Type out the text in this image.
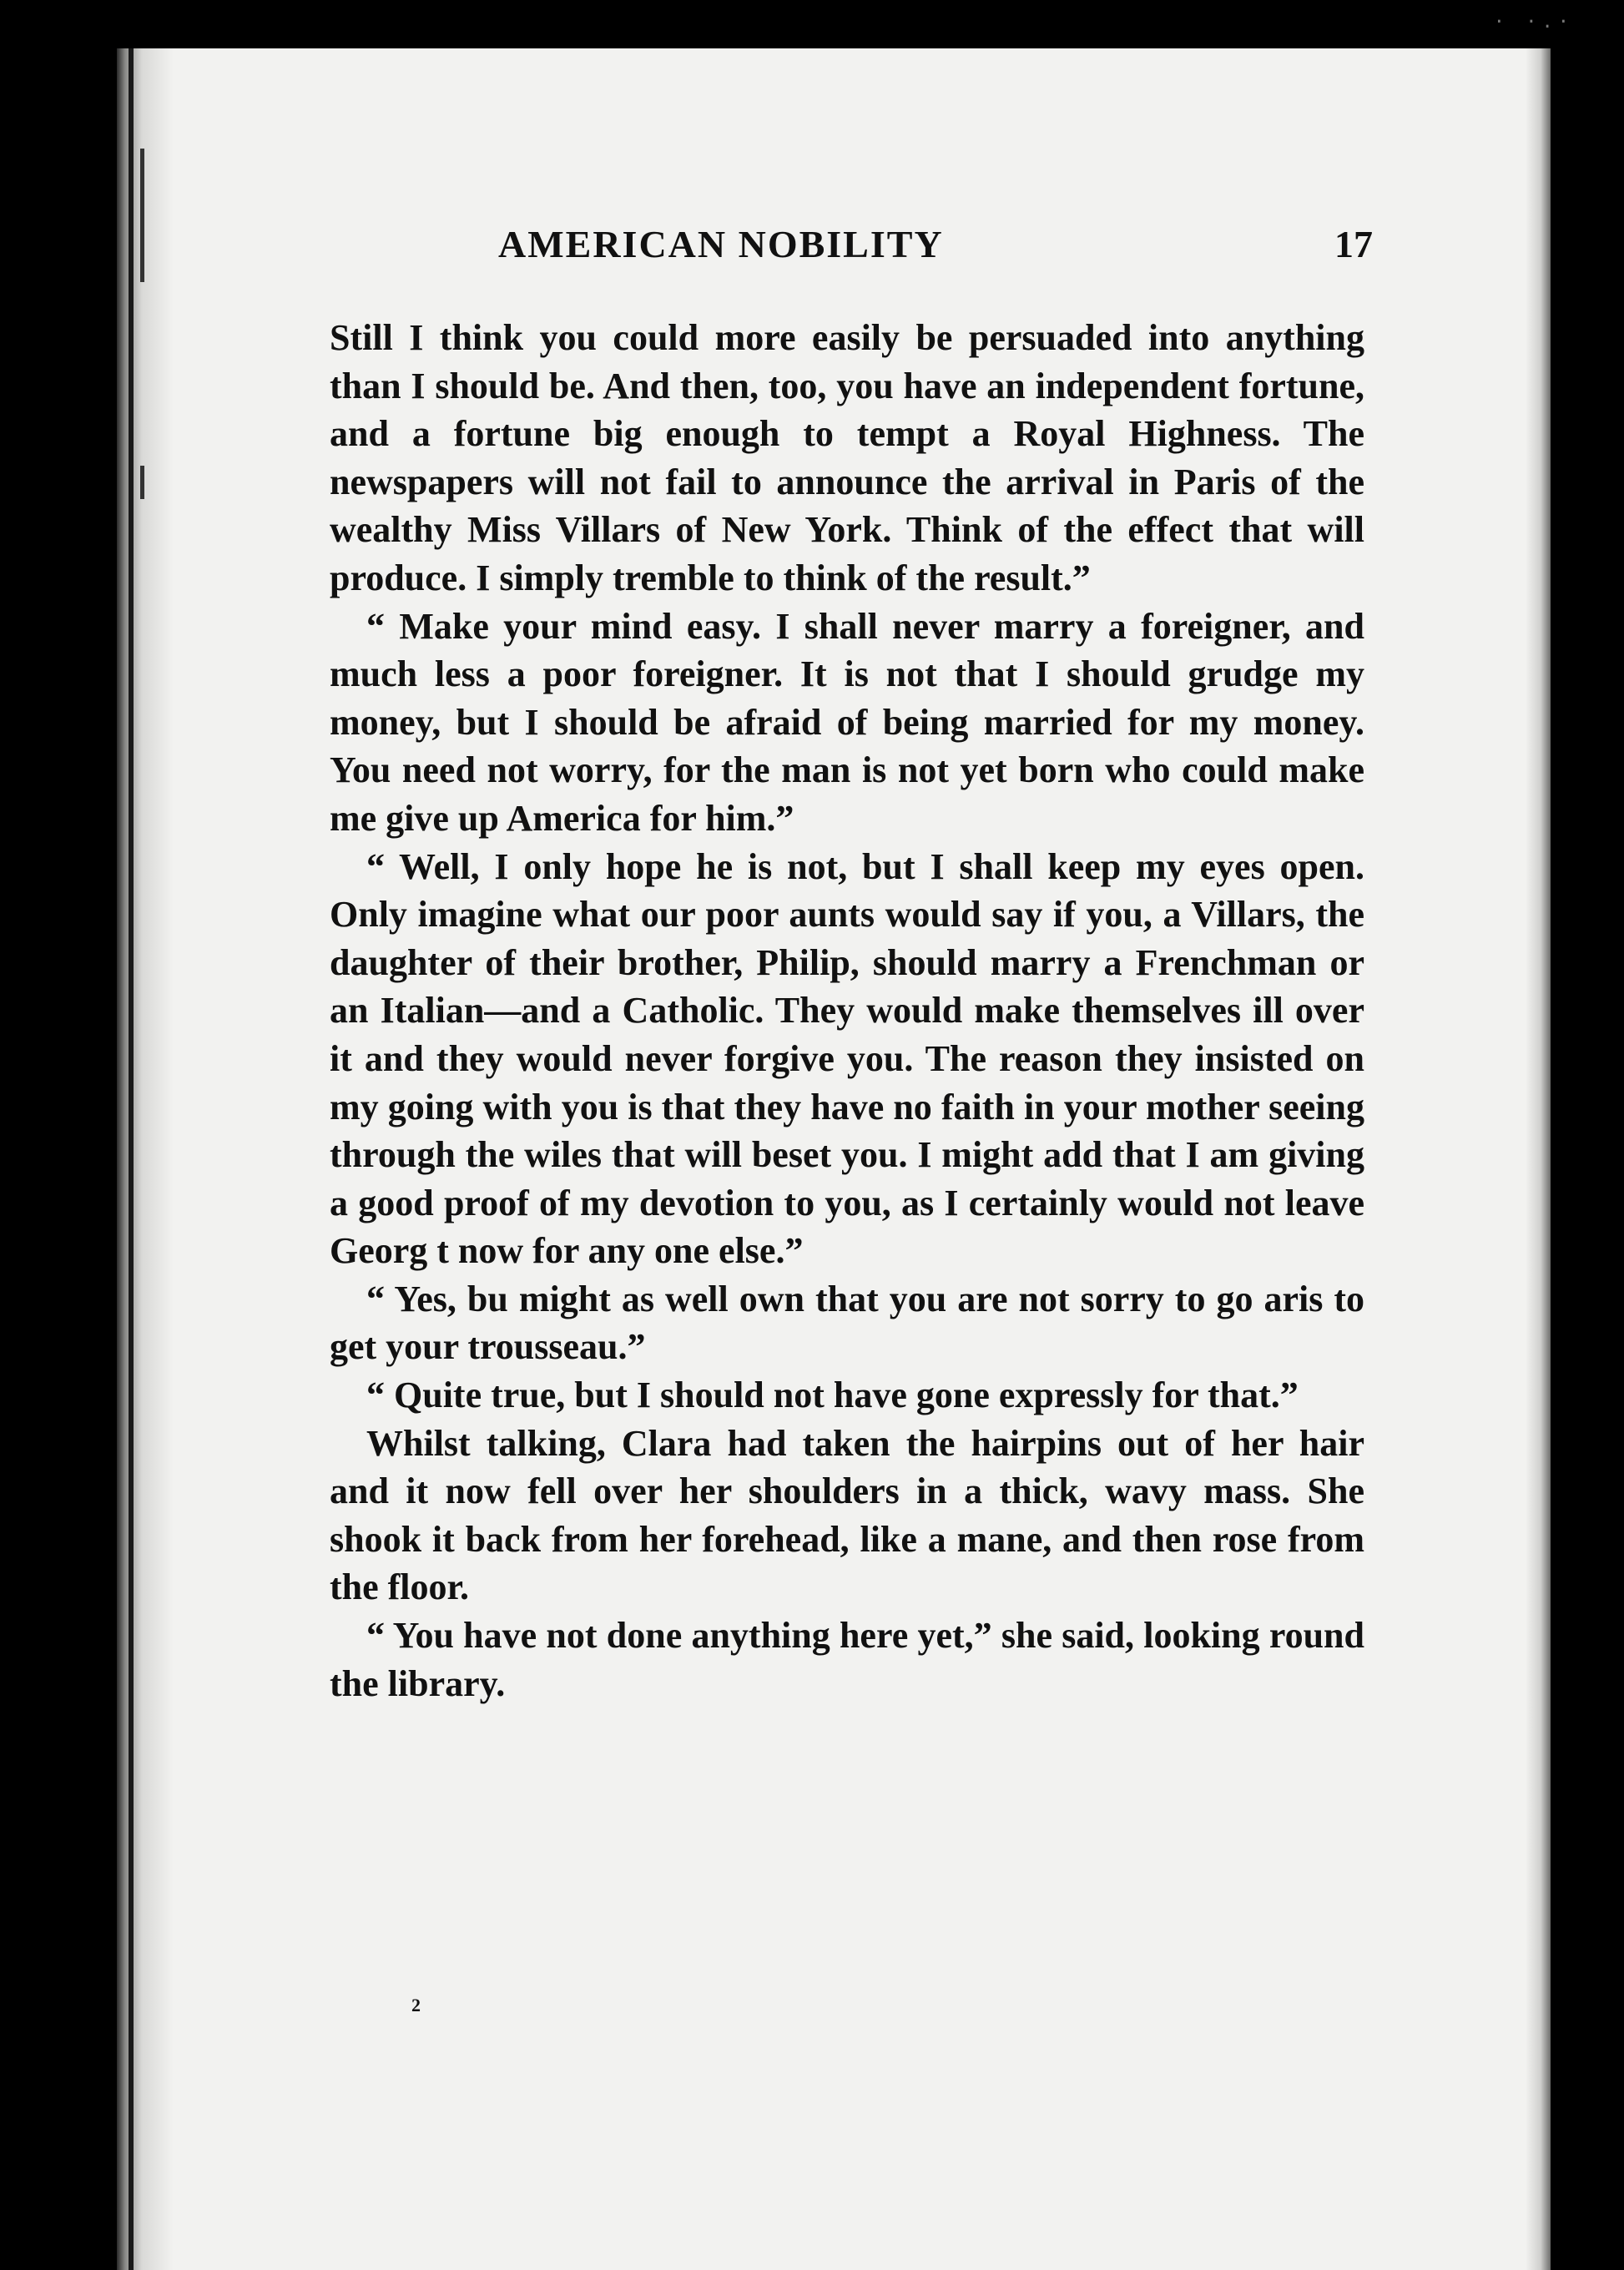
· ·.·
AMERICAN NOBILITY	17

Still I think you could more easily be persuaded into anything than I should be. And then, too, you have an independent fortune, and a fortune big enough to tempt a Royal Highness. The newspapers will not fail to announce the arrival in Paris of the wealthy Miss Villars of New York. Think of the effect that will produce. I simply tremble to think of the result.”

“ Make your mind easy. I shall never marry a foreigner, and much less a poor foreigner. It is not that I should grudge my money, but I should be afraid of being married for my money. You need not worry, for the man is not yet born who could make me give up America for him.”

“ Well, I only hope he is not, but I shall keep my eyes open. Only imagine what our poor aunts would say if you, a Villars, the daughter of their brother, Philip, should marry a Frenchman or an Italian—and a Catholic. They would make themselves ill over it and they would never forgive you. The reason they insisted on my going with you is that they have no faith in your mother seeing through the wiles that will beset you. I might add that I am giving a good proof of my devotion to you, as I certainly would not leave Georg t now for any one else.”

“ Yes, bu might as well own that you are not sorry to go aris to get your trousseau.”

“ Quite true, but I should not have gone expressly for that.”

Whilst talking, Clara had taken the hairpins out of her hair and it now fell over her shoulders in a thick, wavy mass. She shook it back from her forehead, like a mane, and then rose from the floor.

“ You have not done anything here yet,” she said, looking round the library.

2
